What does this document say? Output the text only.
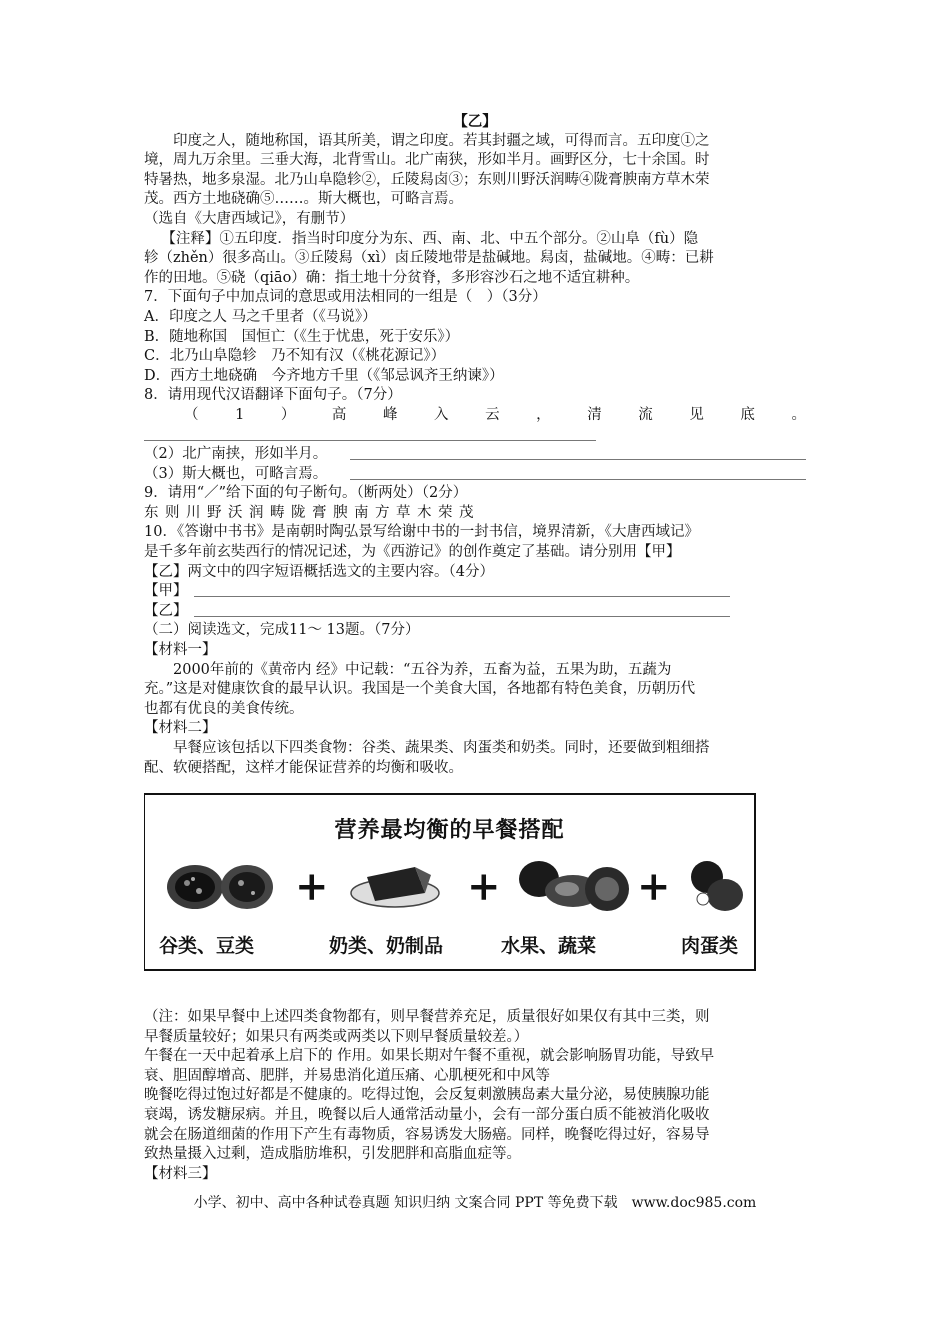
【乙】

印度之人，随地称国，语其所美，谓之印度。若其封疆之域，可得而言。五印度①之

境，周九万余里。三垂大海，北背雪山。北广南狭，形如半月。画野区分，七十余国。时

特暑热，地多泉湿。北乃山阜隐轸②，丘陵舄卤③；东则川野沃润畴④陇膏腴南方草木荣

茂。西方土地硗确⑤……。斯大概也，可略言焉。

（选自《大唐西域记》，有删节）

【注释】①五印度．指当时印度分为东、西、南、北、中五个部分。②山阜（fù）隐

轸（zhěn）很多高山。③丘陵舄（xì）卤丘陵地带是盐碱地。舄卤，盐碱地。④畴：已耕

作的田地。⑤硗（qiāo）确：指土地十分贫脊，多形容沙石之地不适宜耕种。

7．下面句子中加点词的意思或用法相同的一组是（　）（3分）

A．印度之人 马之千里者（《马说》）

B．随地称国　国恒亡（《生于忧患，死于安乐》）

C．北乃山阜隐轸　乃不知有汉（《桃花源记》）

D．西方土地硗确　今齐地方千里（《邹忌讽齐王纳谏》）

8．请用现代汉语翻译下面句子。（7分）

（	1	）	高	峰	入	云	，	清	流	见	底	。

（2）北广南挟，形如半月。

（3）斯大概也，可略言焉。

9．请用“／”给下面的句子断句。（断两处）（2分）

东则川野沃润畴陇膏腴南方草木荣茂

10．《答谢中书书》是南朝时陶弘景写给谢中书的一封书信，境界清新，《大唐西域记》

是千多年前玄奘西行的情况记述，为《西游记》的创作奠定了基础。请分别用【甲】

【乙】两文中的四字短语概括选文的主要内容。（4分）

【甲】

【乙】

（二）阅读选文，完成11～ 13题。（7分）

【材料一】

2000年前的《黄帝内 经》中记载：“五谷为养，五畜为益，五果为助，五蔬为

充。”这是对健康饮食的最早认识。我国是一个美食大国，各地都有特色美食，历朝历代

也都有优良的美食传统。

【材料二】

早餐应该包括以下四类食物：谷类、蔬果类、肉蛋类和奶类。同时，还要做到粗细搭

配、软硬搭配，这样才能保证营养的均衡和吸收。

营养最均衡的早餐搭配
+	+	+
谷类、豆类	奶类、奶制品	水果、蔬菜	肉蛋类

（注：如果早餐中上述四类食物都有，则早餐营养充足，质量很好如果仅有其中三类，则

早餐质量较好；如果只有两类或两类以下则早餐质量较差。）

午餐在一天中起着承上启下的 作用。如果长期对午餐不重视，就会影响肠胃功能，导致早

衰、胆固醇增高、肥胖，并易患消化道压痛、心肌梗死和中风等

晚餐吃得过饱过好都是不健康的。吃得过饱，会反复刺激胰岛素大量分泌，易使胰腺功能

衰竭，诱发糖尿病。并且，晚餐以后人通常活动量小，会有一部分蛋白质不能被消化吸收

就会在肠道细菌的作用下产生有毒物质，容易诱发大肠癌。同样，晚餐吃得过好，容易导

致热量摄入过剩，造成脂肪堆积，引发肥胖和高脂血症等。

【材料三】

小学、初中、高中各种试卷真题 知识归纳 文案合同 PPT 等免费下载　www.doc985.com
